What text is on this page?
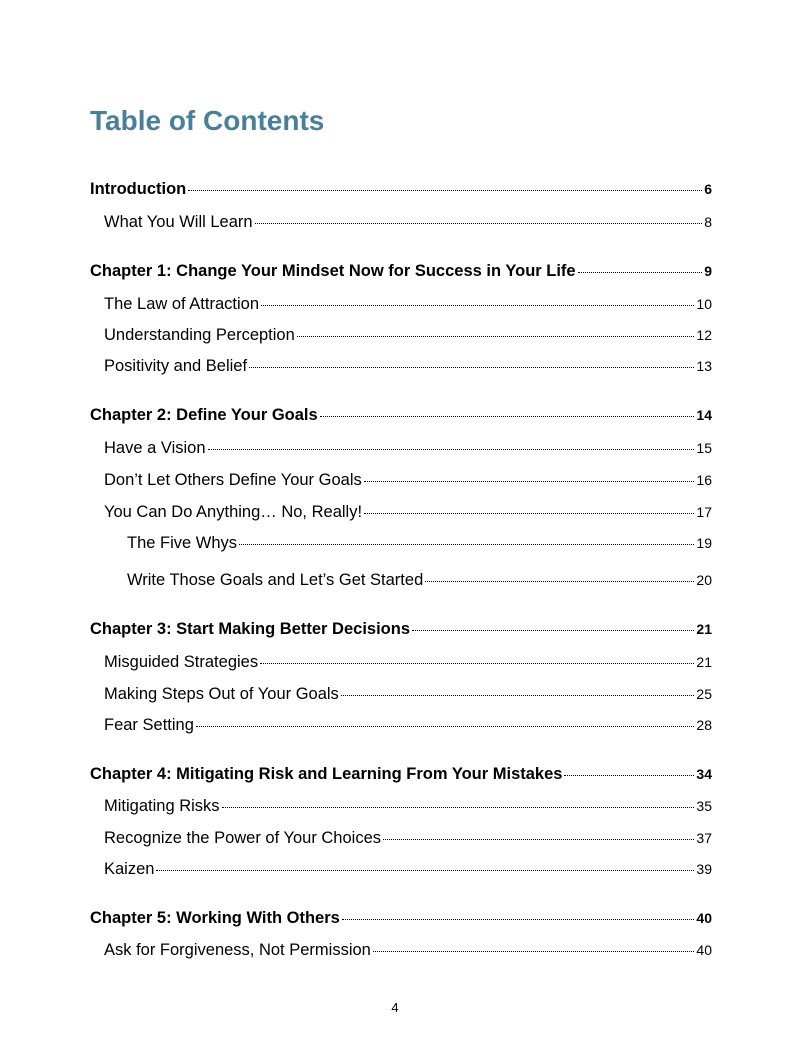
Table of Contents
Introduction	6
What You Will Learn	8
Chapter 1: Change Your Mindset Now for Success in Your Life	9
The Law of Attraction	10
Understanding Perception	12
Positivity and Belief	13
Chapter 2: Define Your Goals	14
Have a Vision	15
Don’t Let Others Define Your Goals	16
You Can Do Anything… No, Really!	17
The Five Whys	19
Write Those Goals and Let’s Get Started	20
Chapter 3: Start Making Better Decisions	21
Misguided Strategies	21
Making Steps Out of Your Goals	25
Fear Setting	28
Chapter 4: Mitigating Risk and Learning From Your Mistakes	34
Mitigating Risks	35
Recognize the Power of Your Choices	37
Kaizen	39
Chapter 5: Working With Others	40
Ask for Forgiveness, Not Permission	40
4
